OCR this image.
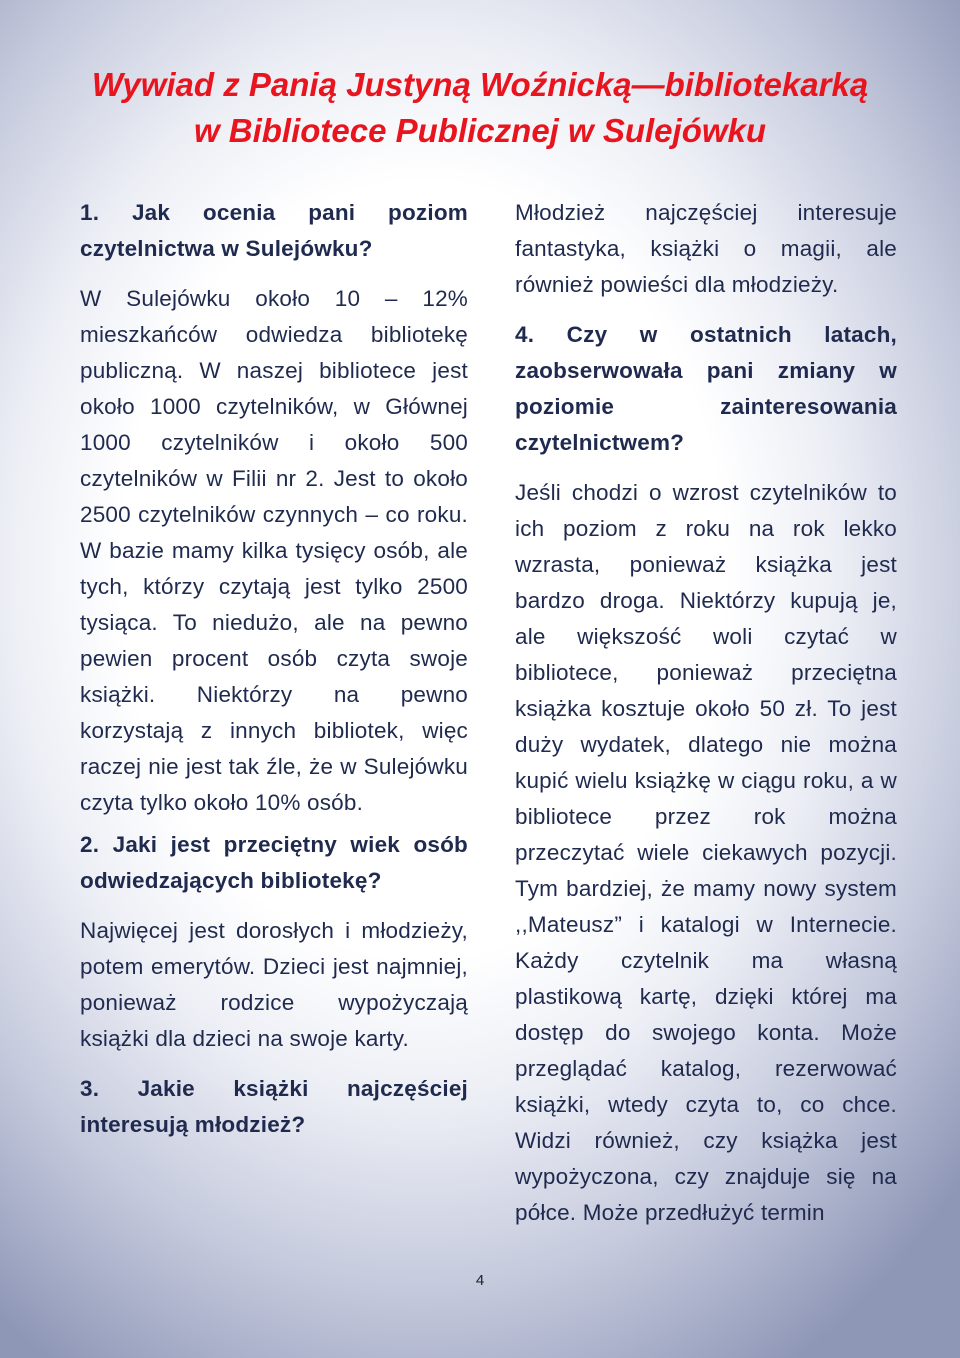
Wywiad z Panią Justyną Woźnicką—bibliotekarką
w Bibliotece Publicznej w Sulejówku

1. Jak ocenia pani poziom czytelnictwa w Sulejówku?

W Sulejówku około 10 – 12% mieszkańców odwiedza bibliotekę publiczną. W naszej bibliotece jest około 1000 czytelników, w Głównej 1000 czytelników i około 500 czytelników w Filii nr 2. Jest to około 2500 czytelników czynnych – co roku. W bazie mamy kilka tysięcy osób, ale tych, którzy czytają jest tylko 2500 tysiąca. To niedużo, ale na pewno pewien procent osób czyta swoje książki. Niektórzy na pewno korzystają z innych bibliotek, więc raczej nie jest tak źle, że w Sulejówku czyta tylko około 10% osób.

2. Jaki jest przeciętny wiek osób odwiedzających bibliotekę?

Najwięcej jest dorosłych i młodzieży, potem emerytów. Dzieci jest najmniej, ponieważ rodzice wypożyczają książki dla dzieci na swoje karty.

3. Jakie książki najczęściej interesują młodzież?

Młodzież najczęściej interesuje fantastyka, książki o magii, ale również powieści dla młodzieży.

4. Czy w ostatnich latach, zaobserwowała pani zmiany w poziomie zainteresowania czytelnictwem?

Jeśli chodzi o wzrost czytelników to ich poziom z roku na rok lekko wzrasta, ponieważ książka jest bardzo droga. Niektórzy kupują je, ale większość woli czytać w bibliotece, ponieważ przeciętna książka kosztuje około 50 zł. To jest duży wydatek, dlatego nie można kupić wielu książkę w ciągu roku, a w bibliotece przez rok można przeczytać wiele ciekawych pozycji. Tym bardziej, że mamy nowy system ,,Mateusz” i katalogi w Internecie. Każdy czytelnik ma własną plastikową kartę, dzięki której ma dostęp do swojego konta. Może przeglądać katalog, rezerwować książki, wtedy czyta to, co chce. Widzi również, czy książka jest wypożyczona, czy znajduje się na półce. Może przedłużyć termin

4
